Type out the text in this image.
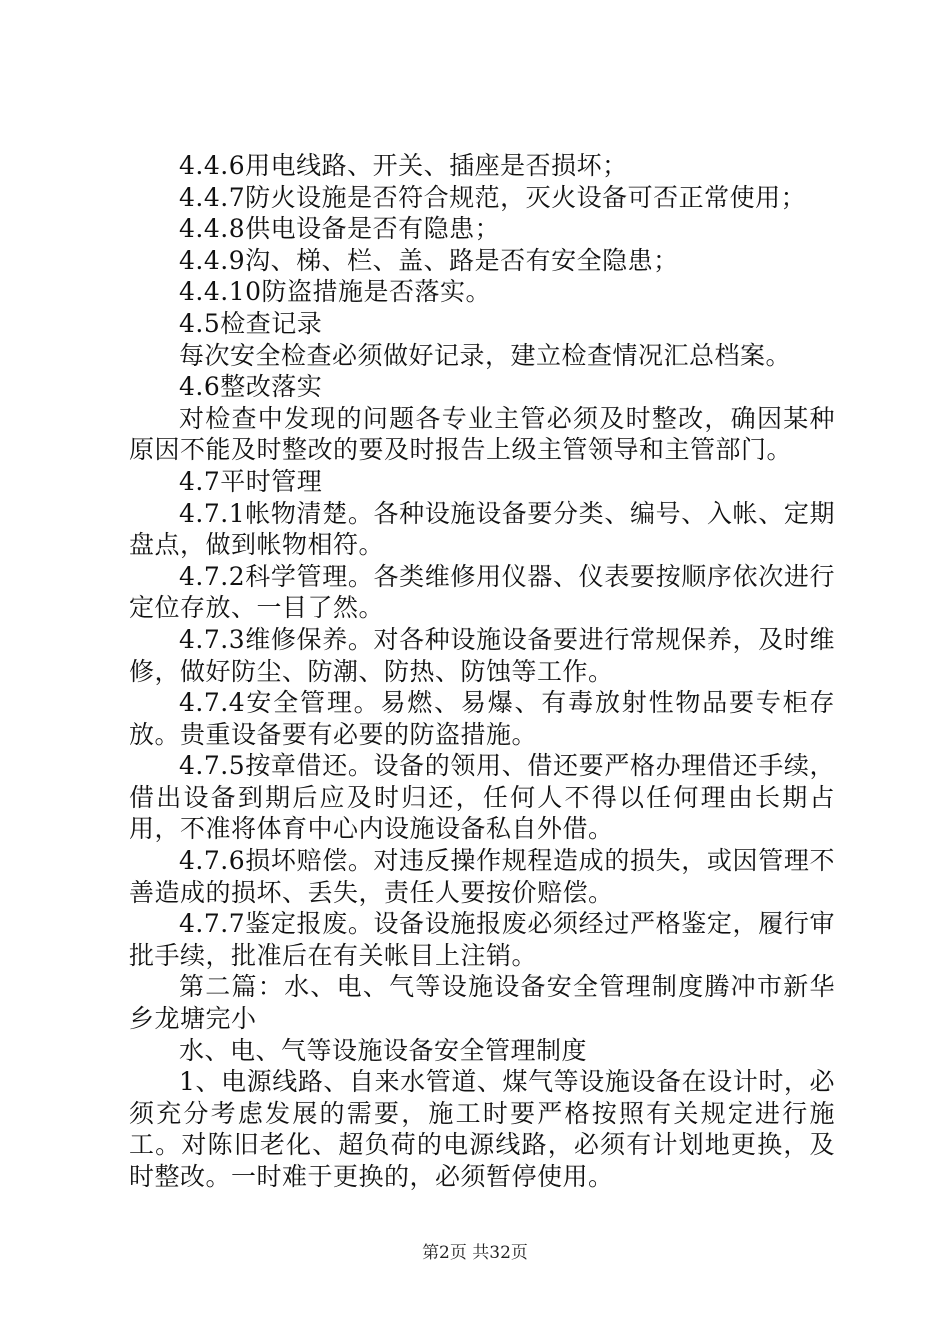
4.4.6用电线路、开关、插座是否损坏；

4.4.7防火设施是否符合规范，灭火设备可否正常使用；

4.4.8供电设备是否有隐患；

4.4.9沟、梯、栏、盖、路是否有安全隐患；

4.4.10防盗措施是否落实。

4.5检查记录

每次安全检查必须做好记录，建立检查情况汇总档案。

4.6整改落实

对检查中发现的问题各专业主管必须及时整改，确因某种原因不能及时整改的要及时报告上级主管领导和主管部门。

4.7平时管理

4.7.1帐物清楚。各种设施设备要分类、编号、入帐、定期盘点，做到帐物相符。

4.7.2科学管理。各类维修用仪器、仪表要按顺序依次进行定位存放、一目了然。

4.7.3维修保养。对各种设施设备要进行常规保养，及时维修，做好防尘、防潮、防热、防蚀等工作。

4.7.4安全管理。易燃、易爆、有毒放射性物品要专柜存放。贵重设备要有必要的防盗措施。

4.7.5按章借还。设备的领用、借还要严格办理借还手续，借出设备到期后应及时归还，任何人不得以任何理由长期占用，不准将体育中心内设施设备私自外借。

4.7.6损坏赔偿。对违反操作规程造成的损失，或因管理不善造成的损坏、丢失，责任人要按价赔偿。

4.7.7鉴定报废。设备设施报废必须经过严格鉴定，履行审批手续，批准后在有关帐目上注销。

第二篇：水、电、气等设施设备安全管理制度腾冲市新华乡龙塘完小

水、电、气等设施设备安全管理制度

1、电源线路、自来水管道、煤气等设施设备在设计时，必须充分考虑发展的需要，施工时要严格按照有关规定进行施工。对陈旧老化、超负荷的电源线路，必须有计划地更换，及时整改。一时难于更换的，必须暂停使用。

第2页 共32页
